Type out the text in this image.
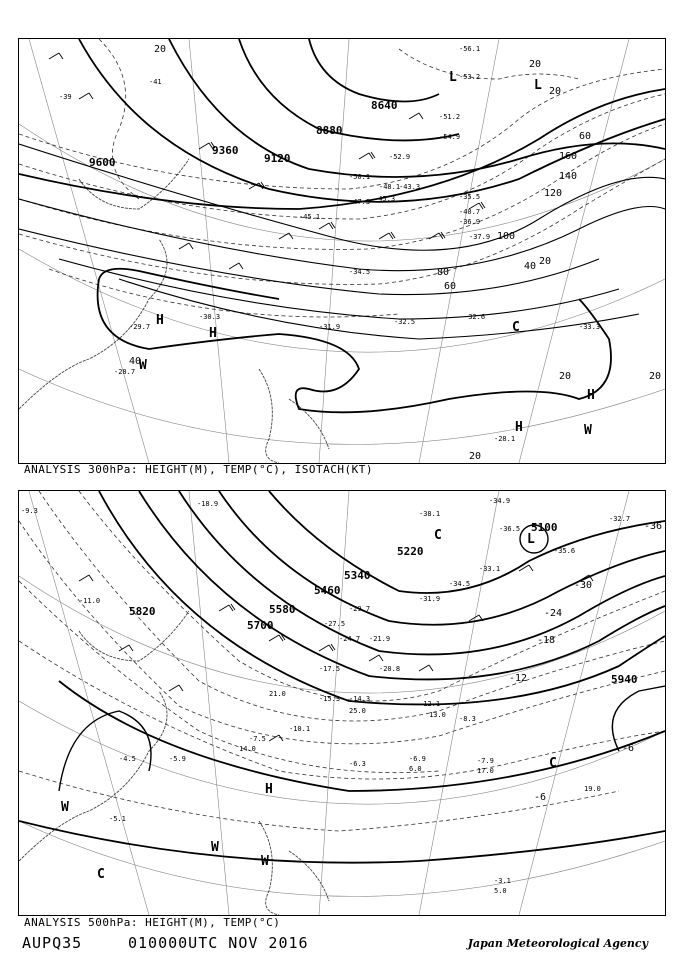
9600
9360
9120
8880
8640
20
20
40
60
80
100
120
140
160
20
20
20
40
60
20
20
-39
-41
-45.1
-50.1
-51.2
-52.9
-53.2
-54.9
-56.1
-34.5
-32.5
-31.9
-30.3
-29.7
-28.7
-33.3
-28.1
-32.6
-36.9
-37.9
-40.7
-43.3
-45.3
-47.3
-48.1
-35.5
L
L
H
H
H
H
C
W
W
ANALYSIS 300hPa: HEIGHT(M), TEMP(°C), ISOTACH(KT)
5100
5220
5340
5460
5580
5700
5820
5940
-36
-30
-24
-18
-12
-6
-6
-34.9
-38.1
-36.5
-35.6
-32.7
-33.1
-34.5
-31.9
-29.7
-27.5
-24.7 -21.9
-20.8
-17.5
-15.3 -14.3
-12.1
-10.1
-8.3
-7.5
-6.9
-6.3
-5.9
-5.1
-4.5
-3.1
-7.9
-18.9
-9.3
-11.0
17.0
19.0
5.0
6.0
14.0
21.0
25.0	13.0
L
C
C
C
H
W
W
W
ANALYSIS 500hPa: HEIGHT(M), TEMP(°C)
AUPQ35	010000UTC NOV 2016	Japan Meteorological Agency
